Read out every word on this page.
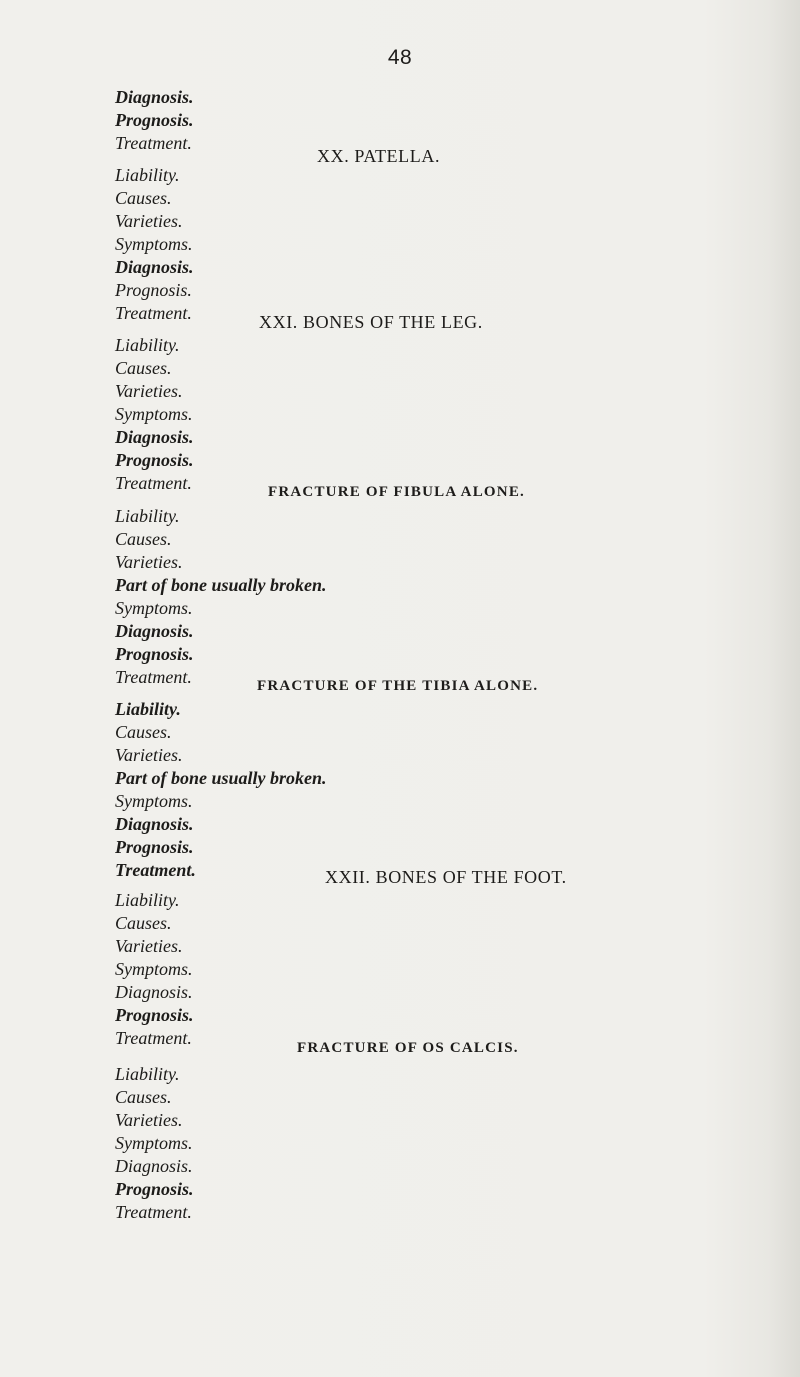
48
Diagnosis.
Prognosis.
Treatment.
XX. PATELLA.
Liability.
Causes.
Varieties.
Symptoms.
Diagnosis.
Prognosis.
Treatment.	XXI. BONES OF THE LEG.
Liability.
Causes.
Varieties.
Symptoms.
Diagnosis.
Prognosis.
Treatment.	FRACTURE OF FIBULA ALONE.
Liability.
Causes.
Varieties.
Part of bone usually broken.
Symptoms.
Diagnosis.
Prognosis.
Treatment.	FRACTURE OF THE TIBIA ALONE.
Liability.
Causes.
Varieties.
Part of bone usually broken.
Symptoms.
Diagnosis.
Prognosis.
Treatment.	XXII. BONES OF THE FOOT.
Liability.
Causes.
Varieties.
Symptoms.
Diagnosis.
Prognosis.
Treatment.	FRACTURE OF OS CALCIS.
Liability.
Causes.
Varieties.
Symptoms.
Diagnosis.
Prognosis.
Treatment.
